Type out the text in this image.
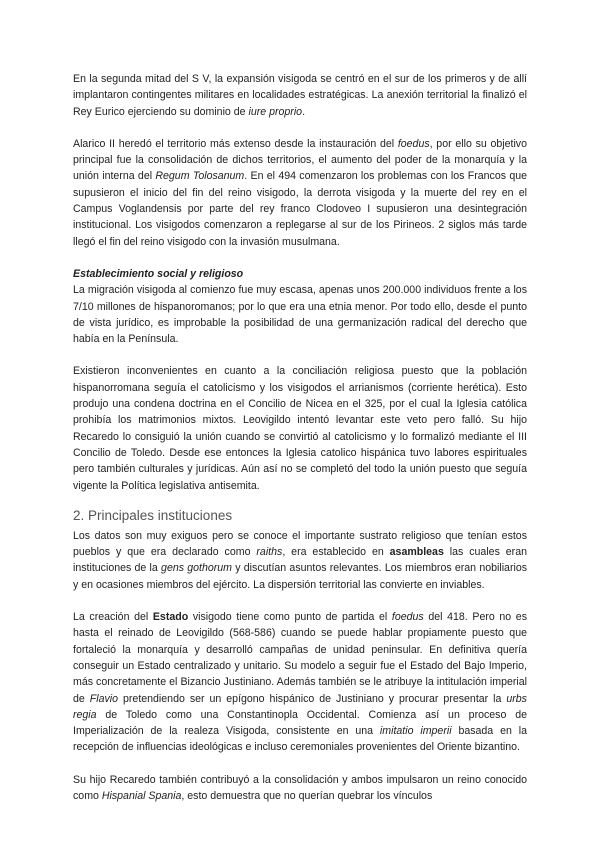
En la segunda mitad del S V, la expansión visigoda se centró en el sur de los primeros y de allí implantaron contingentes militares en localidades estratégicas. La anexión territorial la finalizó el Rey Eurico ejerciendo su dominio de iure proprio.

Alarico II heredó el territorio más extenso desde la instauración del foedus, por ello su objetivo principal fue la consolidación de dichos territorios, el aumento del poder de la monarquía y la unión interna del Regum Tolosanum. En el 494 comenzaron los problemas con los Francos que supusieron el inicio del fin del reino visigodo, la derrota visigoda y la muerte del rey en el Campus Voglandensis por parte del rey franco Clodoveo I supusieron una desintegración institucional. Los visigodos comenzaron a replegarse al sur de los Pirineos. 2 siglos más tarde llegó el fin del reino visigodo con la invasión musulmana.

Establecimiento social y religioso

La migración visigoda al comienzo fue muy escasa, apenas unos 200.000 individuos frente a los 7/10 millones de hispanoromanos; por lo que era una etnia menor. Por todo ello, desde el punto de vista jurídico, es improbable la posibilidad de una germanización radical del derecho que había en la Península.

Existieron inconvenientes en cuanto a la conciliación religiosa puesto que la población hispanorromana seguía el catolicismo y los visigodos el arrianismos (corriente herética). Esto produjo una condena doctrina en el Concilio de Nicea en el 325, por el cual la Iglesia católica prohibía los matrimonios mixtos. Leovigildo intentó levantar este veto pero falló. Su hijo Recaredo lo consiguió la unión cuando se convirtió al catolicismo y lo formalizó mediante el III Concilio de Toledo. Desde ese entonces la Iglesia catolico hispánica tuvo labores espirituales pero también culturales y jurídicas. Aún así no se completó del todo la unión puesto que seguía vigente la Política legislativa antisemita.

2. Principales instituciones

Los datos son muy exiguos pero se conoce el importante sustrato religioso que tenían estos pueblos y que era declarado como raiths, era establecido en asambleas las cuales eran instituciones de la gens gothorum y discutían asuntos relevantes. Los miembros eran nobiliarios y en ocasiones miembros del ejército. La dispersión territorial las convierte en inviables.

La creación del Estado visigodo tiene como punto de partida el foedus del 418. Pero no es hasta el reinado de Leovigildo (568-586) cuando se puede hablar propiamente puesto que fortaleció la monarquía y desarrolló campañas de unidad peninsular. En definitiva quería conseguir un Estado centralizado y unitario. Su modelo a seguir fue el Estado del Bajo Imperio, más concretamente el Bizancio Justiniano. Además también se le atribuye la intitulación imperial de Flavio pretendiendo ser un epígono hispánico de Justiniano y procurar presentar la urbs regia de Toledo como una Constantinopla Occidental. Comienza así un proceso de Imperialización de la realeza Visigoda, consistente en una imitatio imperii basada en la recepción de influencias ideológicas e incluso ceremoniales provenientes del Oriente bizantino.

Su hijo Recaredo también contribuyó a la consolidación y ambos impulsaron un reino conocido como Hispanial Spania, esto demuestra que no querían quebrar los vínculos
